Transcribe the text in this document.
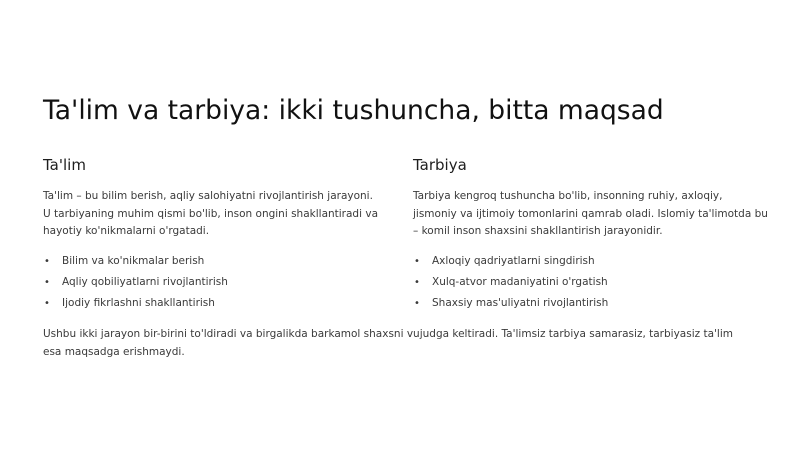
Ta'lim va tarbiya: ikki tushuncha, bitta maqsad
Ta'lim

Ta'lim – bu bilim berish, aqliy salohiyatni rivojlantirish jarayoni. U tarbiyaning muhim qismi bo'lib, inson ongini shakllantiradi va hayotiy ko'nikmalarni o'rgatadi.

• Bilim va ko'nikmalar berish
• Aqliy qobiliyatlarni rivojlantirish
• Ijodiy fikrlashni shakllantirish
Tarbiya

Tarbiya kengroq tushuncha bo'lib, insonning ruhiy, axloqiy, jismoniy va ijtimoiy tomonlarini qamrab oladi. Islomiy ta'limotda bu – komil inson shaxsini shakllantirish jarayonidir.

• Axloqiy qadriyatlarni singdirish
• Xulq-atvor madaniyatini o'rgatish
• Shaxsiy mas'uliyatni rivojlantirish

Ushbu ikki jarayon bir-birini to'ldiradi va birgalikda barkamol shaxsni vujudga keltiradi. Ta'limsiz tarbiya samarasiz, tarbiyasiz ta'lim esa maqsadga erishmaydi.
